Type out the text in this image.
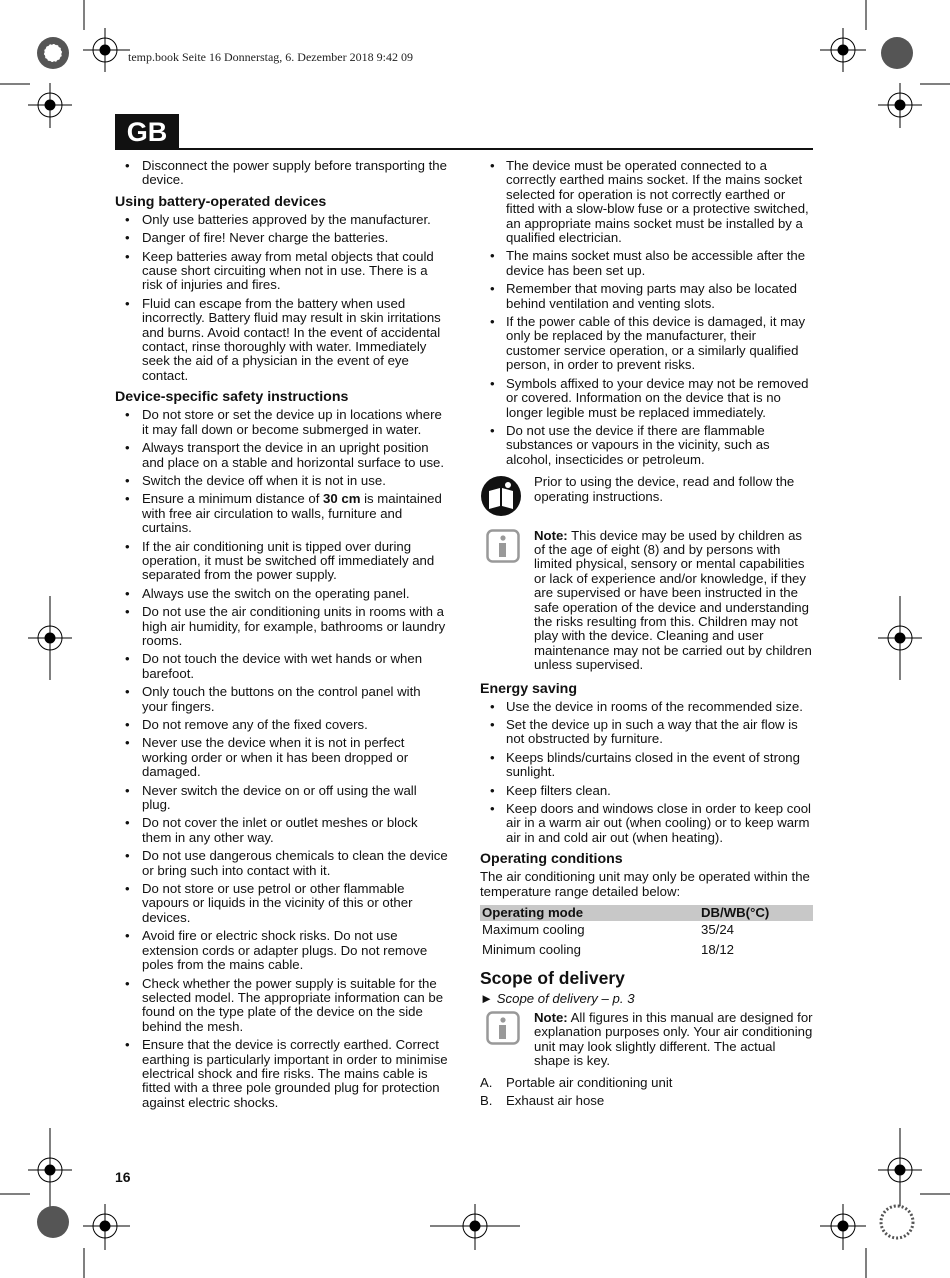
temp.book Seite 16 Donnerstag, 6. Dezember 2018 9:42 09
GB
• Disconnect the power supply before transporting the device.
Using battery-operated devices
• Only use batteries approved by the manufacturer.
• Danger of fire! Never charge the batteries.
• Keep batteries away from metal objects that could cause short circuiting when not in use. There is a risk of injuries and fires.
• Fluid can escape from the battery when used incorrectly. Battery fluid may result in skin irritations and burns. Avoid contact! In the event of accidental contact, rinse thoroughly with water. Immediately seek the aid of a physician in the event of eye contact.
Device-specific safety instructions
• Do not store or set the device up in locations where it may fall down or become submerged in water.
• Always transport the device in an upright position and place on a stable and horizontal surface to use.
• Switch the device off when it is not in use.
• Ensure a minimum distance of 30 cm is maintained with free air circulation to walls, furniture and curtains.
• If the air conditioning unit is tipped over during operation, it must be switched off immediately and separated from the power supply.
• Always use the switch on the operating panel.
• Do not use the air conditioning units in rooms with a high air humidity, for example, bathrooms or laundry rooms.
• Do not touch the device with wet hands or when barefoot.
• Only touch the buttons on the control panel with your fingers.
• Do not remove any of the fixed covers.
• Never use the device when it is not in perfect working order or when it has been dropped or damaged.
• Never switch the device on or off using the wall plug.
• Do not cover the inlet or outlet meshes or block them in any other way.
• Do not use dangerous chemicals to clean the device or bring such into contact with it.
• Do not store or use petrol or other flammable vapours or liquids in the vicinity of this or other devices.
• Avoid fire or electric shock risks. Do not use extension cords or adapter plugs. Do not remove poles from the mains cable.
• Check whether the power supply is suitable for the selected model. The appropriate information can be found on the type plate of the device on the side behind the mesh.
• Ensure that the device is correctly earthed. Correct earthing is particularly important in order to minimise electrical shock and fire risks. The mains cable is fitted with a three pole grounded plug for protection against electric shocks.
• The device must be operated connected to a correctly earthed mains socket. If the mains socket selected for operation is not correctly earthed or fitted with a slow-blow fuse or a protective switched, an appropriate mains socket must be installed by a qualified electrician.
• The mains socket must also be accessible after the device has been set up.
• Remember that moving parts may also be located behind ventilation and venting slots.
• If the power cable of this device is damaged, it may only be replaced by the manufacturer, their customer service operation, or a similarly qualified person, in order to prevent risks.
• Symbols affixed to your device may not be removed or covered. Information on the device that is no longer legible must be replaced immediately.
• Do not use the device if there are flammable substances or vapours in the vicinity, such as alcohol, insecticides or petroleum.
Prior to using the device, read and follow the operating instructions.
Note: This device may be used by children as of the age of eight (8) and by persons with limited physical, sensory or mental capabilities or lack of experience and/or knowledge, if they are supervised or have been instructed in the safe operation of the device and understanding the risks resulting from this. Children may not play with the device. Cleaning and user maintenance may not be carried out by children unless supervised.
Energy saving
• Use the device in rooms of the recommended size.
• Set the device up in such a way that the air flow is not obstructed by furniture.
• Keeps blinds/curtains closed in the event of strong sunlight.
• Keep filters clean.
• Keep doors and windows close in order to keep cool air in a warm air out (when cooling) or to keep warm air in and cold air out (when heating).
Operating conditions
The air conditioning unit may only be operated within the temperature range detailed below:
Operating mode	DB/WB(°C)
Maximum cooling	35/24
Minimum cooling	18/12
Scope of delivery
► Scope of delivery – p. 3
Note: All figures in this manual are designed for explanation purposes only. Your air conditioning unit may look slightly different. The actual shape is key.
A. Portable air conditioning unit
B. Exhaust air hose
16
